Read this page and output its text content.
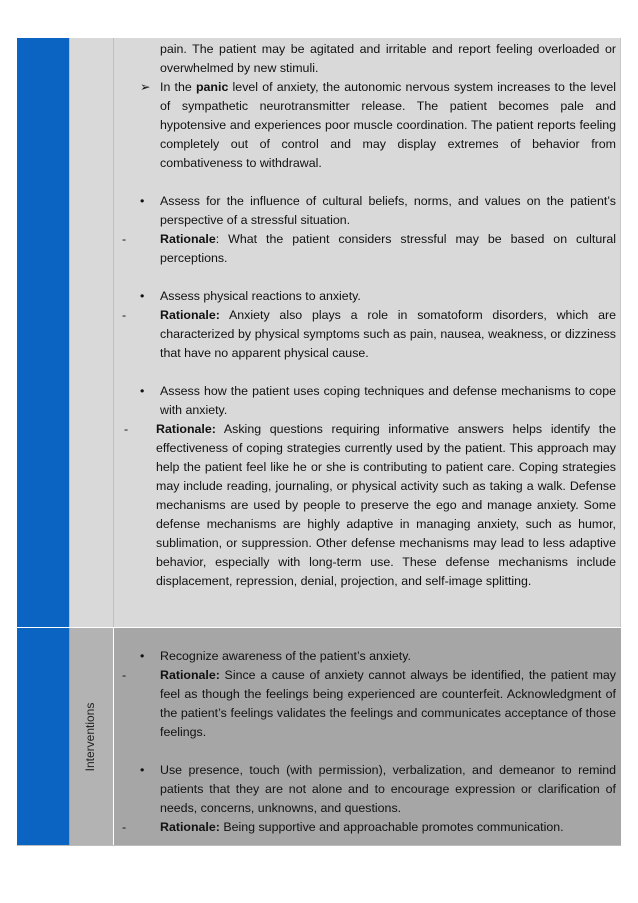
Interventions

pain. The patient may be agitated and irritable and report feeling overloaded or overwhelmed by new stimuli.

➢ In the panic level of anxiety, the autonomic nervous system increases to the level of sympathetic neurotransmitter release. The patient becomes pale and hypotensive and experiences poor muscle coordination. The patient reports feeling completely out of control and may display extremes of behavior from combativeness to withdrawal.

•	Assess for the influence of cultural beliefs, norms, and values on the patient’s perspective of a stressful situation.

-	Rationale: What the patient considers stressful may be based on cultural perceptions.

•	Assess physical reactions to anxiety.

-	Rationale: Anxiety also plays a role in somatoform disorders, which are characterized by physical symptoms such as pain, nausea, weakness, or dizziness that have no apparent physical cause.

•	Assess how the patient uses coping techniques and defense mechanisms to cope with anxiety.

-	Rationale: Asking questions requiring informative answers helps identify the effectiveness of coping strategies currently used by the patient. This approach may help the patient feel like he or she is contributing to patient care. Coping strategies may include reading, journaling, or physical activity such as taking a walk. Defense mechanisms are used by people to preserve the ego and manage anxiety. Some defense mechanisms are highly adaptive in managing anxiety, such as humor, sublimation, or suppression. Other defense mechanisms may lead to less adaptive behavior, especially with long-term use. These defense mechanisms include displacement, repression, denial, projection, and self-image splitting.

•	Recognize awareness of the patient’s anxiety.

-	Rationale: Since a cause of anxiety cannot always be identified, the patient may feel as though the feelings being experienced are counterfeit. Acknowledgment of the patient’s feelings validates the feelings and communicates acceptance of those feelings.

•	Use presence, touch (with permission), verbalization, and demeanor to remind patients that they are not alone and to encourage expression or clarification of needs, concerns, unknowns, and questions.

-	Rationale: Being supportive and approachable promotes communication.
